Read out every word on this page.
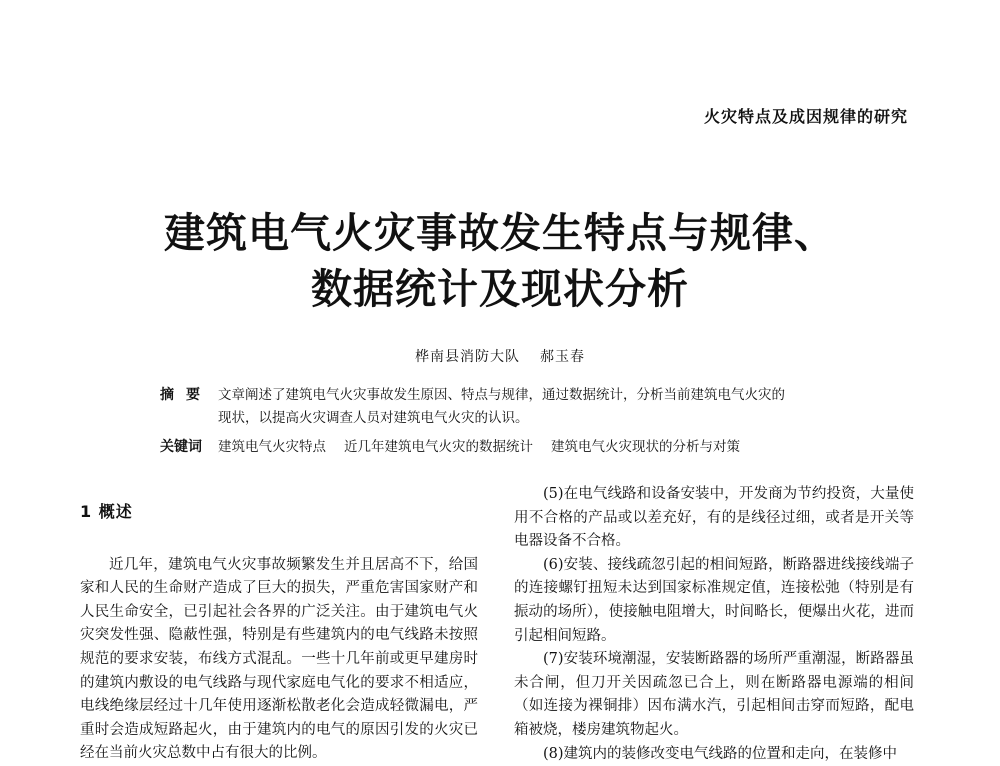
火灾特点及成因规律的研究
建筑电气火灾事故发生特点与规律、
数据统计及现状分析
桦南县消防大队 郝玉春
摘要 文章阐述了建筑电气火灾事故发生原因、特点与规律，通过数据统计，分析当前建筑电气火灾的
现状，以提高火灾调查人员对建筑电气火灾的认识。
关键词	建筑电气火灾特点 近几年建筑电气火灾的数据统计 建筑电气火灾现状的分析与对策
1 概述

近几年，建筑电气火灾事故频繁发生并且居高不下，给国家和人民的生命财产造成了巨大的损失，严重危害国家财产和人民生命安全，已引起社会各界的广泛关注。由于建筑电气火灾突发性强、隐蔽性强，特别是有些建筑内的电气线路未按照规范的要求安装，布线方式混乱。一些十几年前或更早建房时的建筑内敷设的电气线路与现代家庭电气化的要求不相适应，电线绝缘层经过十几年使用逐渐松散老化会造成轻微漏电，严重时会造成短路起火，由于建筑内的电气的原因引发的火灾已经在当前火灾总数中占有很大的比例。

(5)在电气线路和设备安装中，开发商为节约投资，大量使用不合格的产品或以差充好，有的是线径过细，或者是开关等电器设备不合格。

(6)安装、接线疏忽引起的相间短路，断路器进线接线端子的连接螺钉扭短未达到国家标准规定值，连接松弛（特别是有振动的场所），使接触电阻增大，时间略长，便爆出火花，进而引起相间短路。

(7)安装环境潮湿，安装断路器的场所严重潮湿，断路器虽未合闸，但刀开关因疏忽已合上，则在断路器电源端的相间（如连接为裸铜排）因布满水汽，引起相间击穿而短路，配电箱被烧，楼房建筑物起火。

(8)建筑内的装修改变电气线路的位置和走向，在装修中
